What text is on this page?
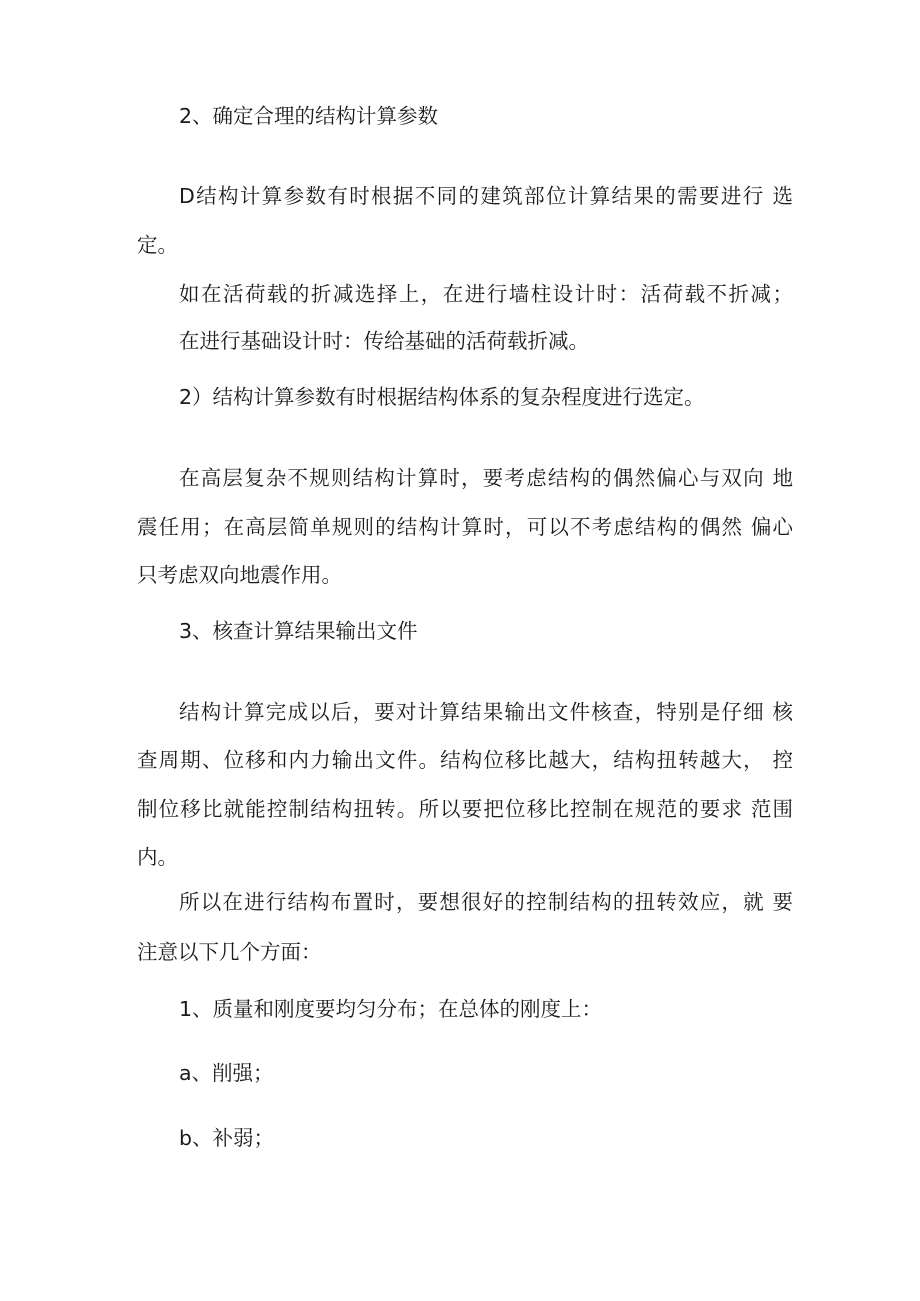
2、确定合理的结构计算参数
D结构计算参数有时根据不同的建筑部位计算结果的需要进行 选
定。
如在活荷载的折减选择上，在进行墙柱设计时：活荷载不折减；
在进行基础设计时：传给基础的活荷载折减。
2）结构计算参数有时根据结构体系的复杂程度进行选定。
在高层复杂不规则结构计算时，要考虑结构的偶然偏心与双向 地
震任用；在高层简单规则的结构计算时，可以不考虑结构的偶然 偏心
只考虑双向地震作用。
3、核查计算结果输出文件
结构计算完成以后，要对计算结果输出文件核查，特别是仔细 核
查周期、位移和内力输出文件。结构位移比越大，结构扭转越大， 控
制位移比就能控制结构扭转。所以要把位移比控制在规范的要求 范围
内。
所以在进行结构布置时，要想很好的控制结构的扭转效应，就 要
注意以下几个方面：
1、质量和刚度要均匀分布；在总体的刚度上：
a、削强；
b、补弱；
